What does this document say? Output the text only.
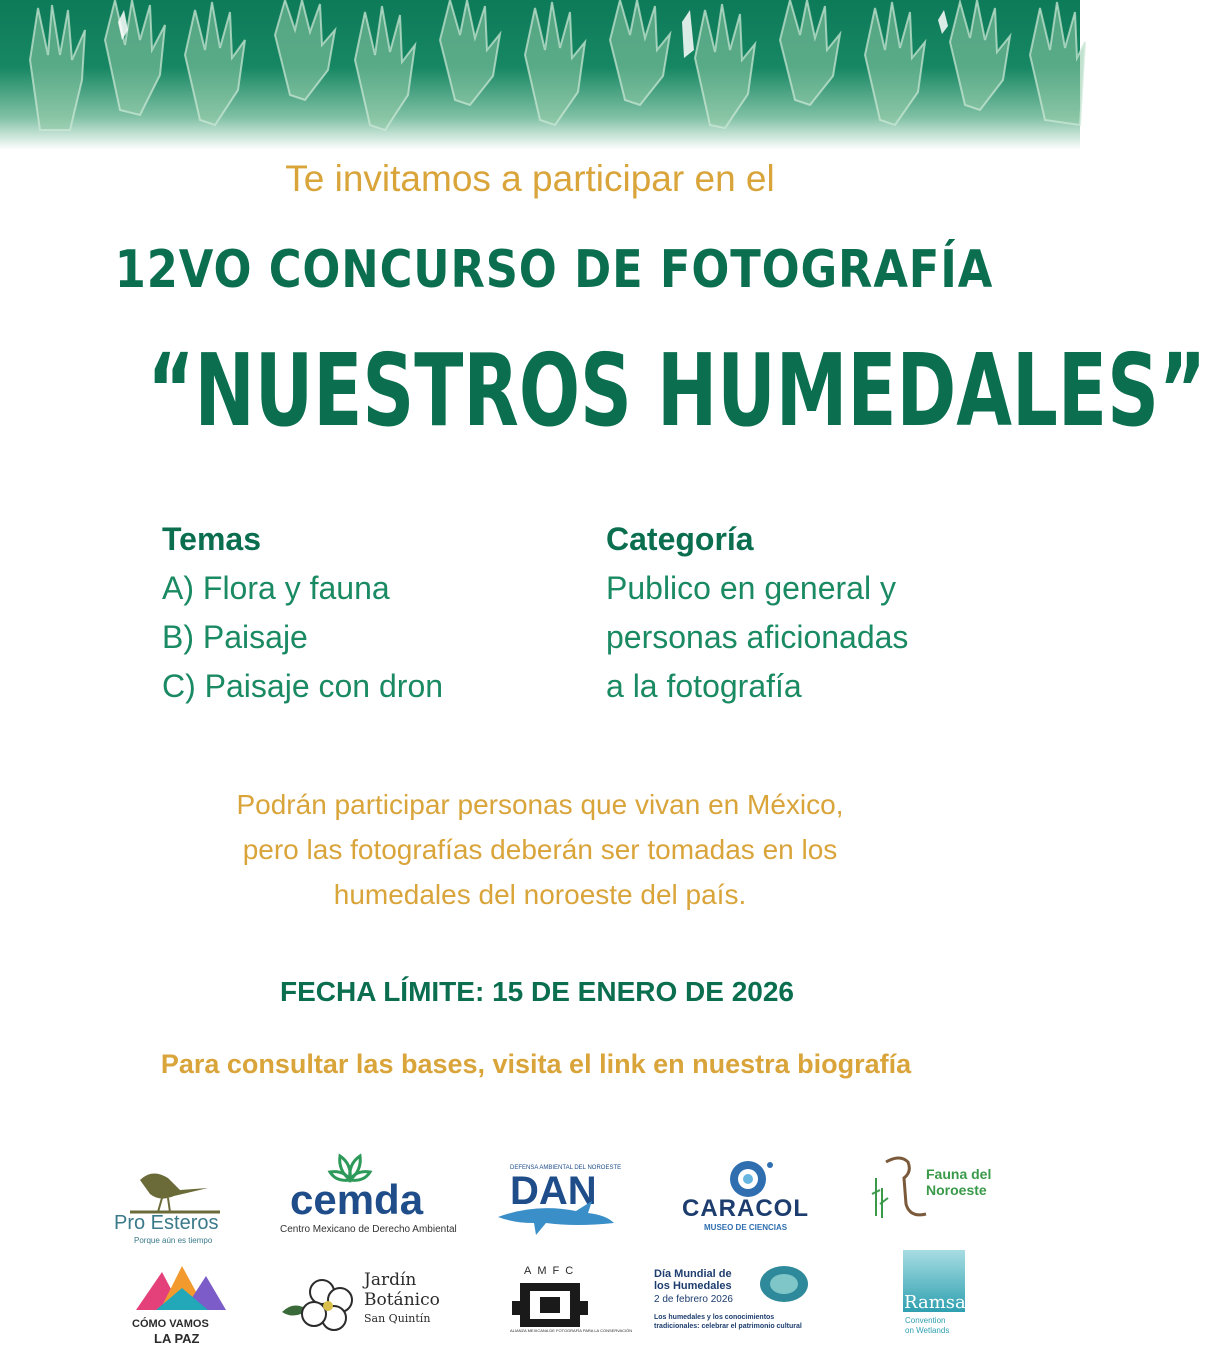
Te invitamos a participar en el
12VO CONCURSO DE FOTOGRAFÍA
“NUESTROS HUMEDALES”
Temas
A) Flora y fauna
B) Paisaje
C) Paisaje con dron
Categoría
Publico en general y
personas aficionadas
a la fotografía
Podrán participar personas que vivan en México,
pero las fotografías deberán ser tomadas en los
humedales del noroeste del país.
FECHA LÍMITE: 15 DE ENERO DE 2026
Para consultar las bases, visita el link en nuestra biografía
Pro Esteros
Porque aún es tiempo
cemda
Centro Mexicano de Derecho Ambiental
DEFENSA AMBIENTAL DEL NOROESTE
DAN	CARACOL
MUSEO DE CIENCIAS
Fauna del
Noroeste
CÓMO VAMOS
LA PAZ
Jardín
Botánico
San Quintín
AMFC
ALIANZA MEXICANA DE FOTOGRAFÍA PARA LA CONSERVACIÓN
Día Mundial de
los Humedales
2 de febrero 2026
Los humedales y los conocimientos
tradicionales: celebrar el patrimonio cultural
Ramsar
Convention
on Wetlands
